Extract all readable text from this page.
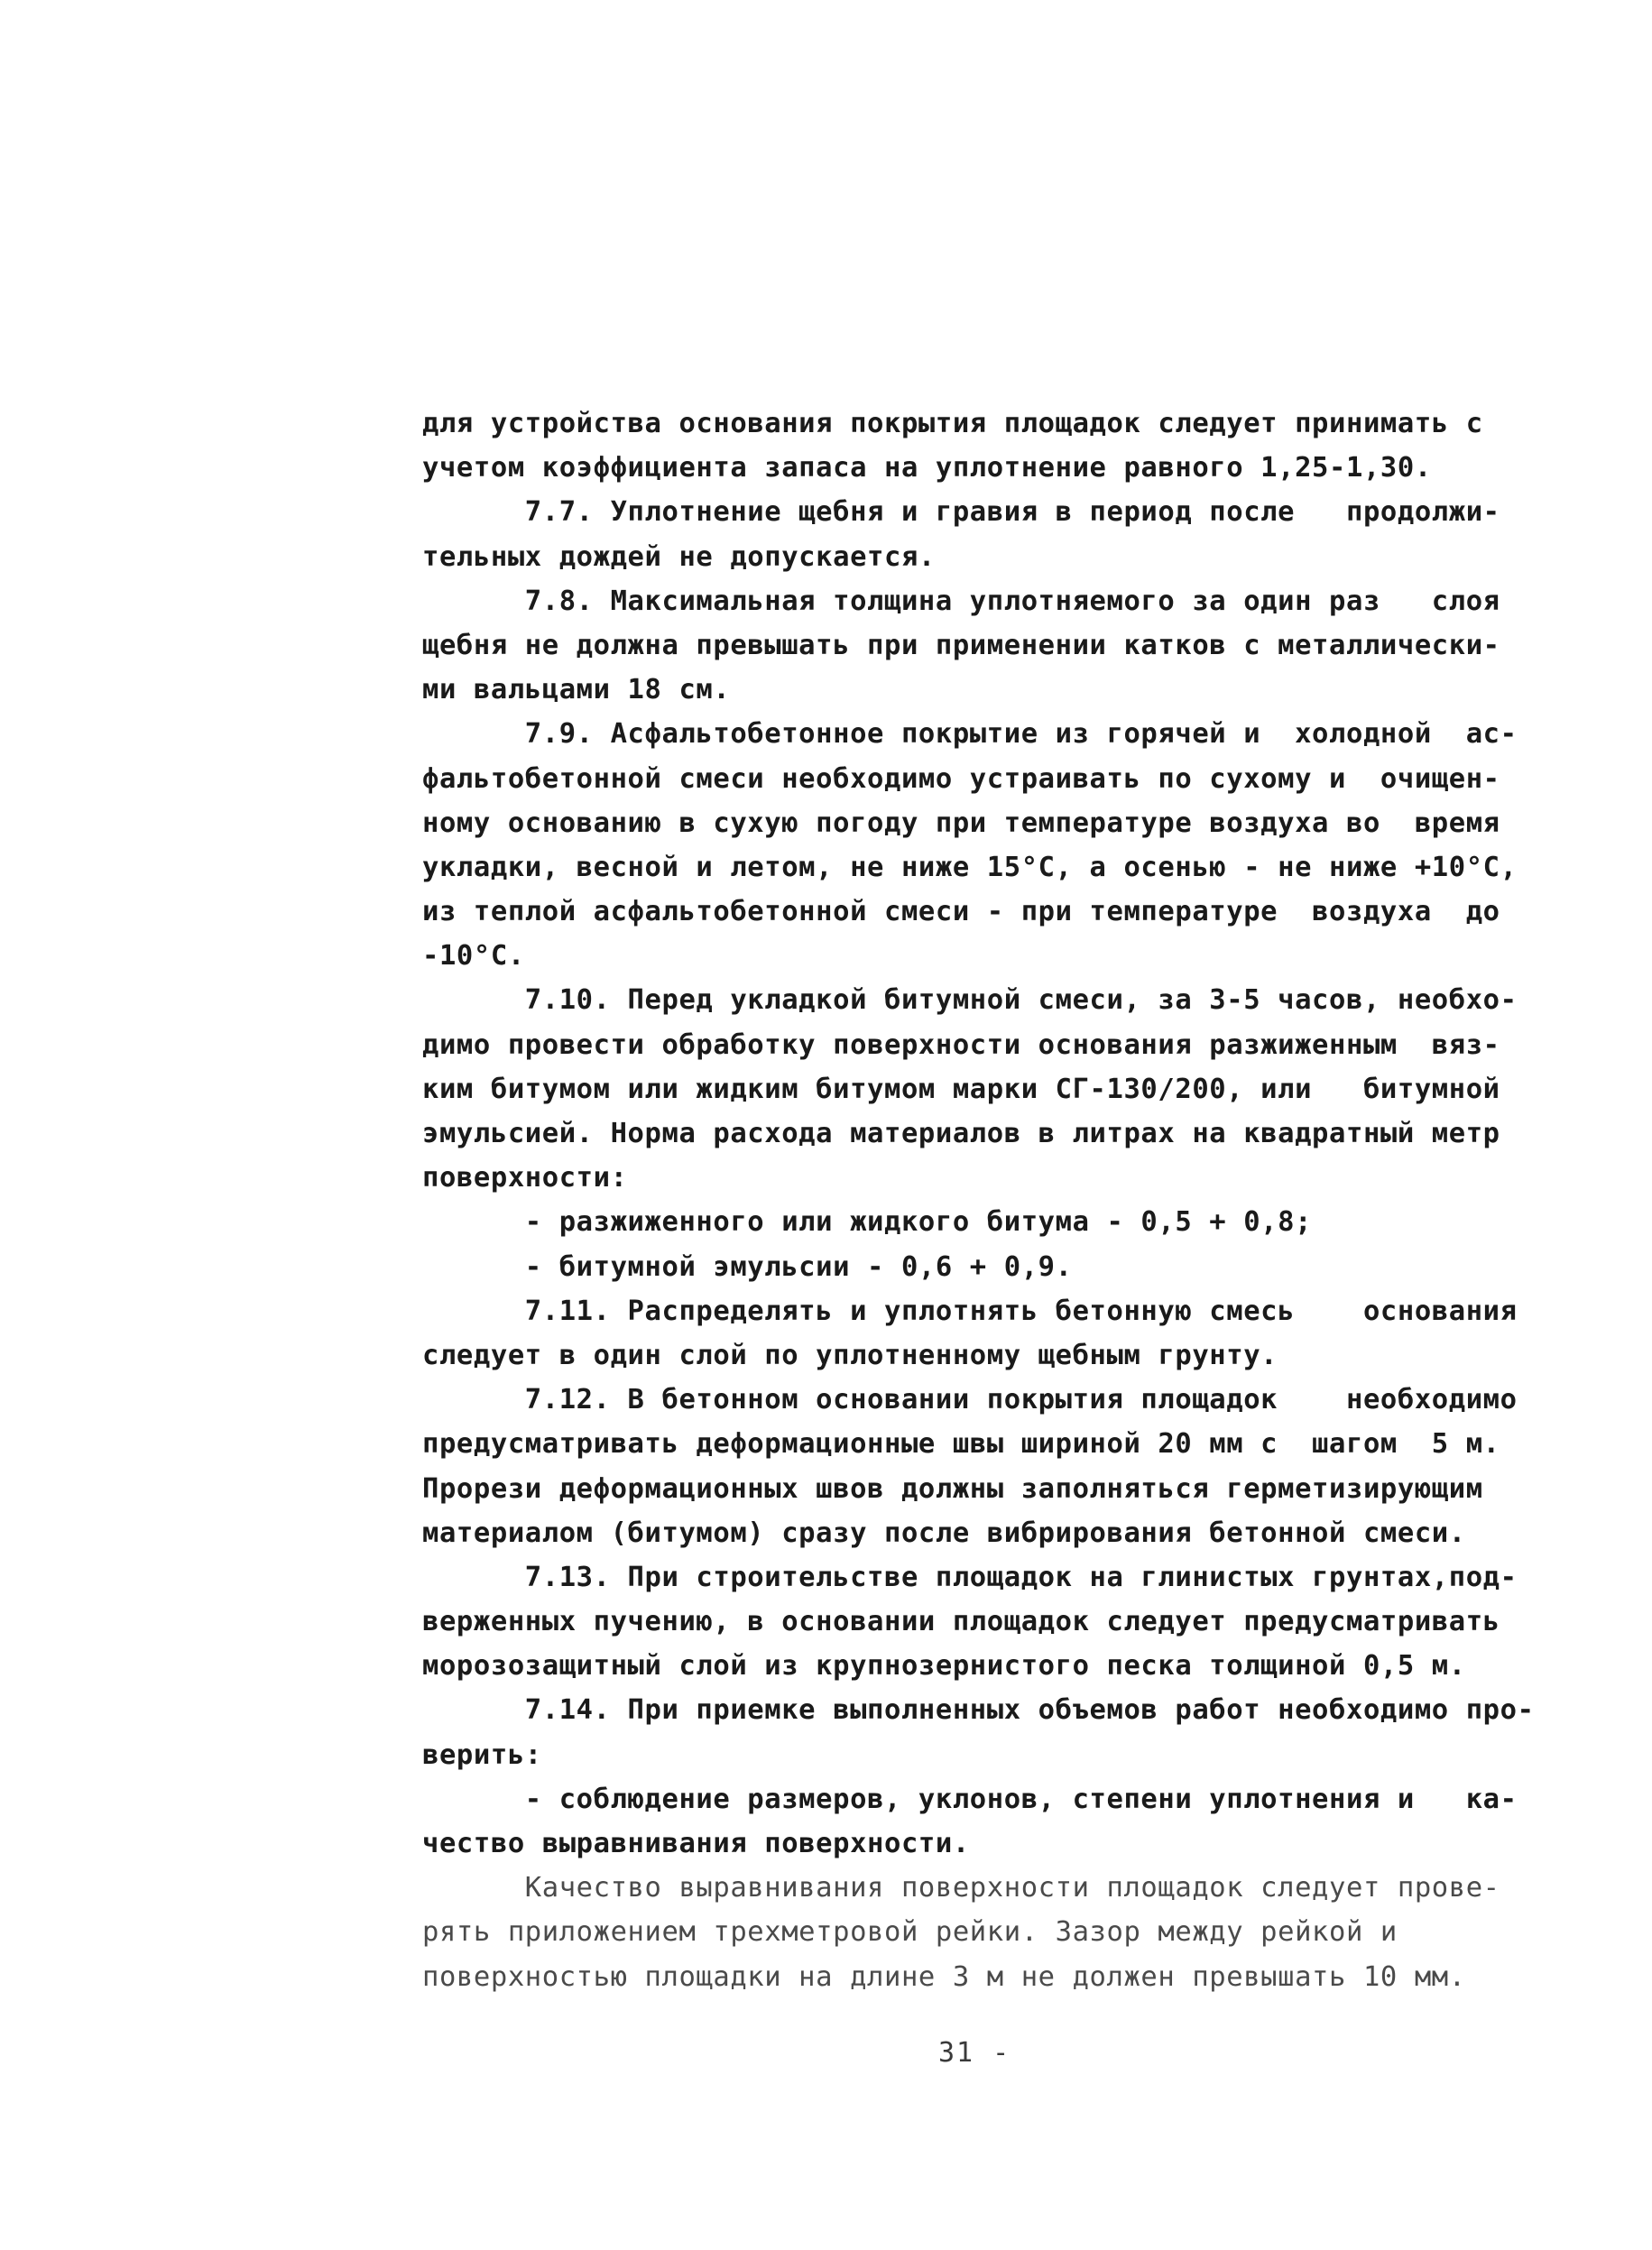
для устройства основания покрытия площадок следует принимать с
учетом коэффициента запаса на уплотнение равного 1,25-1,30.
7.7. Уплотнение щебня и гравия в период после   продолжи-
тельных дождей не допускается.
7.8. Максимальная толщина уплотняемого за один раз   слоя
щебня не должна превышать при применении катков с металлически-
ми вальцами 18 см.
7.9. Асфальтобетонное покрытие из горячей и  холодной  ас-
фальтобетонной смеси необходимо устраивать по сухому и  очищен-
ному основанию в сухую погоду при температуре воздуха во  время
укладки, весной и летом, не ниже 15°С, а осенью - не ниже +10°С,
из теплой асфальтобетонной смеси - при температуре  воздуха  до
-10°С.
7.10. Перед укладкой битумной смеси, за 3-5 часов, необхо-
димо провести обработку поверхности основания разжиженным  вяз-
ким битумом или жидким битумом марки СГ-130/200, или   битумной
эмульсией. Норма расхода материалов в литрах на квадратный метр
поверхности:
- разжиженного или жидкого битума - 0,5 + 0,8;
- битумной эмульсии - 0,6 + 0,9.
7.11. Распределять и уплотнять бетонную смесь    основания
следует в один слой по уплотненному щебным грунту.
7.12. В бетонном основании покрытия площадок    необходимо
предусматривать деформационные швы шириной 20 мм с  шагом  5 м.
Прорези деформационных швов должны заполняться герметизирующим
материалом (битумом) сразу после вибрирования бетонной смеси.
7.13. При строительстве площадок на глинистых грунтах,под-
верженных пучению, в основании площадок следует предусматривать
морозозащитный слой из крупнозернистого песка толщиной 0,5 м.
7.14. При приемке выполненных объемов работ необходимо про-
верить:
- соблюдение размеров, уклонов, степени уплотнения и   ка-
чество выравнивания поверхности.
Качество выравнивания поверхности площадок следует прове-
рять приложением трехметровой рейки. Зазор между рейкой и
поверхностью площадки на длине 3 м не должен превышать 10 мм.
31 -
